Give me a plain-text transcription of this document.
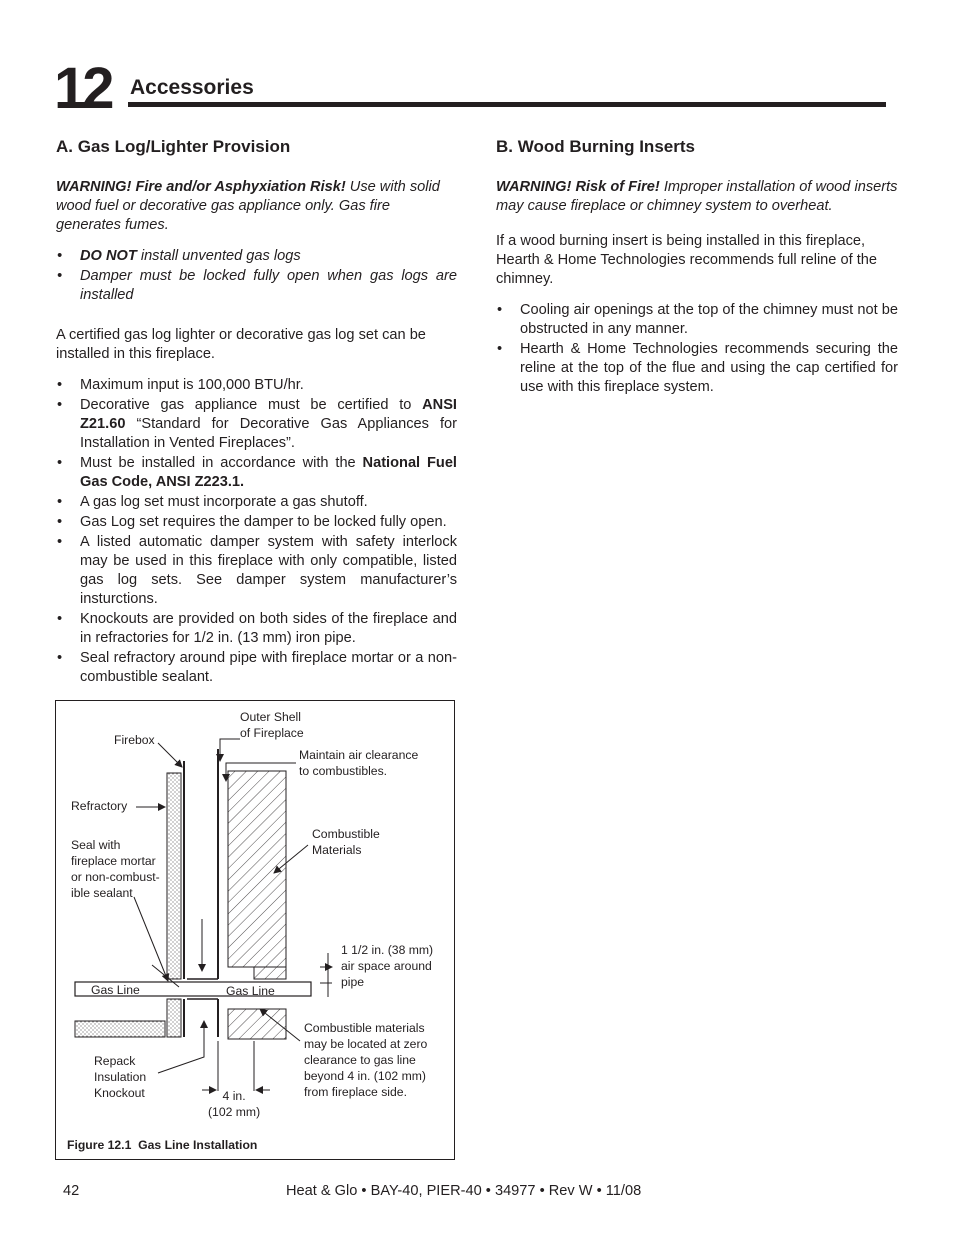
12 Accessories
A. Gas Log/Lighter Provision

WARNING! Fire and/or Asphyxiation Risk! Use with solid wood fuel or decorative gas appliance only. Gas fire generates fumes.

• DO NOT install unvented gas logs
• Damper must be locked fully open when gas logs are installed

A certified gas log lighter or decorative gas log set can be installed in this fireplace.

• Maximum input is 100,000 BTU/hr.
• Decorative gas appliance must be certified to ANSI Z21.60 “Standard for Decorative Gas Appliances for Installation in Vented Fireplaces”.
• Must be installed in accordance with the National Fuel Gas Code, ANSI Z223.1.
• A gas log set must incorporate a gas shutoff.
• Gas Log set requires the damper to be locked fully open.
• A listed automatic damper system with safety interlock may be used in this fireplace with only compatible, listed gas log sets. See damper system manufacturer’s insturctions.
• Knockouts are provided on both sides of the fireplace and in refractories for 1/2 in. (13 mm) iron pipe.
• Seal refractory around pipe with fireplace mortar or a non-combustible sealant.
B. Wood Burning Inserts

WARNING! Risk of Fire! Improper installation of wood inserts may cause fireplace or chimney system to overheat.

If a wood burning insert is being installed in this fireplace, Hearth & Home Technologies recommends full reline of the chimney.

• Cooling air openings at the top of the chimney must not be obstructed in any manner.
• Hearth & Home Technologies recommends securing the reline at the top of the flue and using the cap certified for use with this fireplace system.
Outer Shell
of Fireplace
Firebox
Maintain air clearance
to combustibles.
Refractory
Combustible
Materials
Seal with
fireplace mortar
or non-combust-
ible sealant
1 1/2 in. (38 mm)
air space around
pipe
Gas Line	Gas Line
Combustible materials
may be located at zero
clearance to gas line
beyond 4 in. (102 mm)
from fireplace side.
Repack
Insulation
Knockout	4 in.
(102 mm)
Figure 12.1 Gas Line Installation
42	Heat & Glo • BAY-40, PIER-40 • 34977 • Rev W • 11/08
